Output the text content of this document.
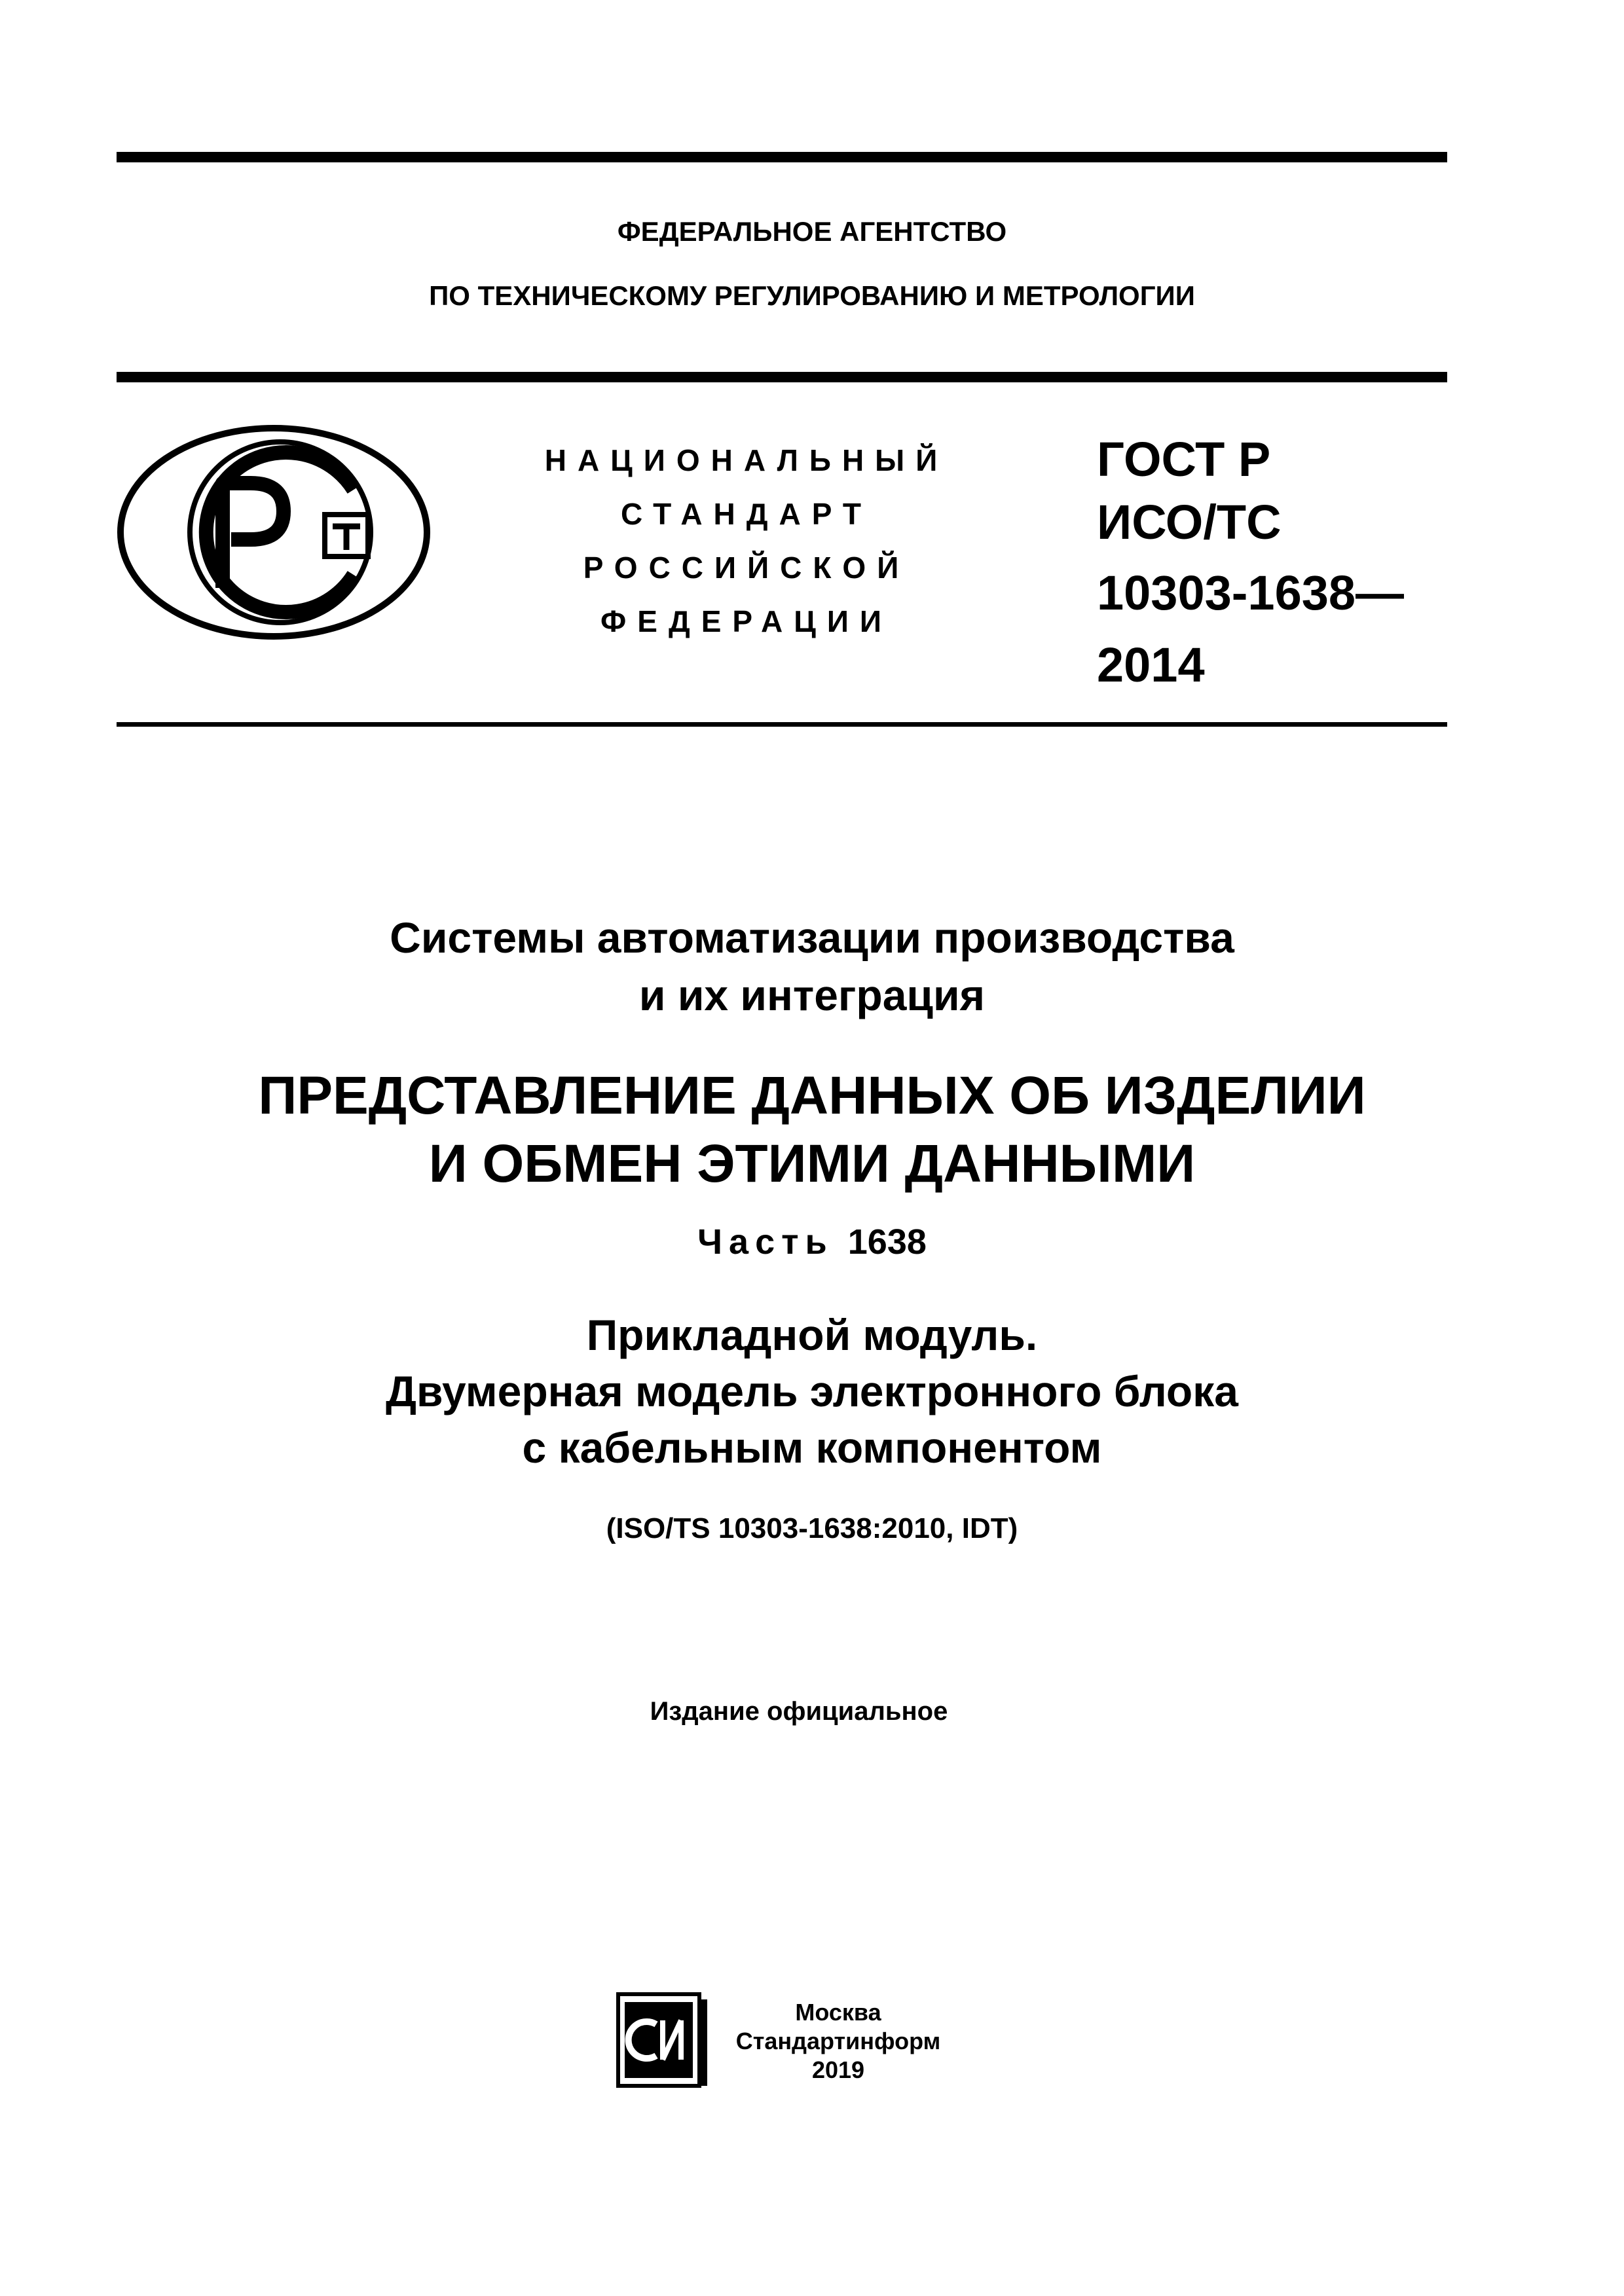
ФЕДЕРАЛЬНОЕ АГЕНТСТВО
ПО ТЕХНИЧЕСКОМУ РЕГУЛИРОВАНИЮ И МЕТРОЛОГИИ
НАЦИОНАЛЬНЫЙ
СТАНДАРТ
РОССИЙСКОЙ
ФЕДЕРАЦИИ
ГОСТ Р
ИСО/ТС
10303-1638—
2014
Системы автоматизации производства
и их интеграция
ПРЕДСТАВЛЕНИЕ ДАННЫХ ОБ ИЗДЕЛИИ
И ОБМЕН ЭТИМИ ДАННЫМИ
Часть 1638
Прикладной модуль.
Двумерная модель электронного блока
с кабельным компонентом
(ISO/TS 10303-1638:2010, IDT)
Издание официальное
Москва
Стандартинформ
2019
